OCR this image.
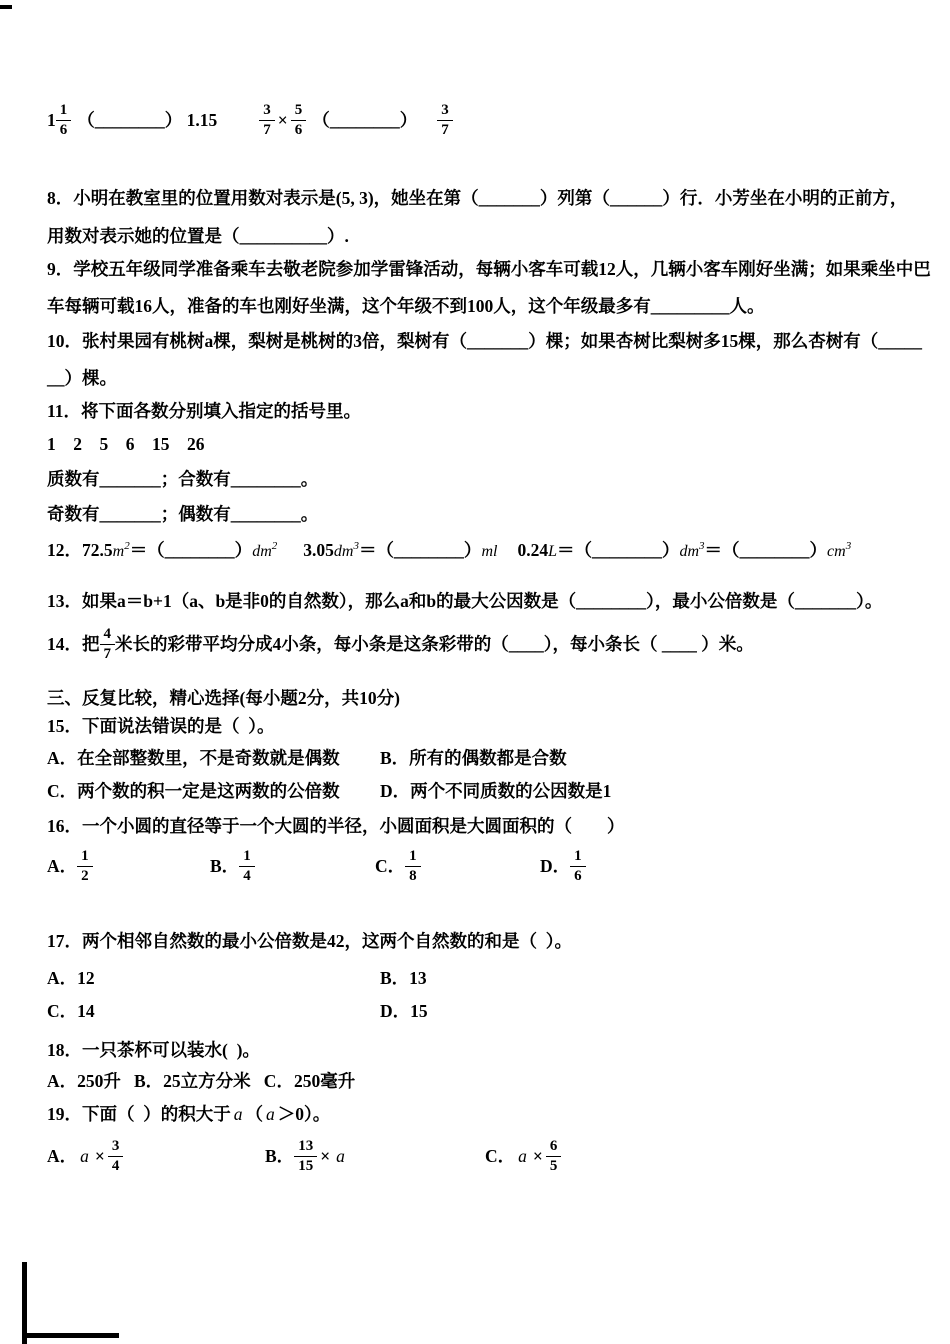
$1 \frac{1}{6}$ （________） 1.15	$\frac{3}{7} \times \frac{5}{6}$ （________） $\frac{3}{7}$
8．小明在教室里的位置用数对表示是(5, 3)，她坐在第（_______）列第（______）行．小芳坐在小明的正前方，
用数对表示她的位置是（__________）.
9．学校五年级同学准备乘车去敬老院参加学雷锋活动，每辆小客车可载12人，几辆小客车刚好坐满；如果乘坐中巴
车每辆可载16人，准备的车也刚好坐满，这个年级不到100人，这个年级最多有_________人。
10．张村果园有桃树a棵，梨树是桃树的3倍，梨树有（_______）棵；如果杏树比梨树多15棵，那么杏树有（_____
__）棵。
11．将下面各数分别填入指定的括号里。
1　2　5　6　15　26
质数有_______；合数有________。
奇数有_______；偶数有________。
12． 72.5 $m^2$ ＝（________） $dm^2$ 3.05 $dm^3$ ＝（________） ml 0.24 L ＝（________） $dm^3$ ＝（________） $cm^3$
13．如果a＝b+1（a、b是非0的自然数），那么a和b的最大公因数是（________），最小公倍数是（_______）。
14．把 $\frac{4}{7}$ 米长的彩带平均分成4小条，每小条是这条彩带的（____），每小条长（ ____ ）米。
三、反复比较，精心选择(每小题2分，共10分)
15．下面说法错误的是（  ）。
A．在全部整数里，不是奇数就是偶数	B．所有的偶数都是合数
C．两个数的积一定是这两数的公倍数	D．两个不同质数的公因数是1
16．一个小圆的直径等于一个大圆的半径，小圆面积是大圆面积的（　　）
A． $\frac{1}{2}$	B． $\frac{1}{4}$	C． $\frac{1}{8}$	D． $\frac{1}{6}$
17．两个相邻自然数的最小公倍数是42，这两个自然数的和是（  ）。
A．12	B．13
C．14	D．15
18．一只茶杯可以装水(  )。
A．250升   B．25立方分米   C．250毫升
19．下面（  ）的积大于 a （ a ＞0）。
A． $a \times \frac{3}{4}$	B． $\frac{13}{15} \times a$	C． $a \times \frac{6}{5}$
